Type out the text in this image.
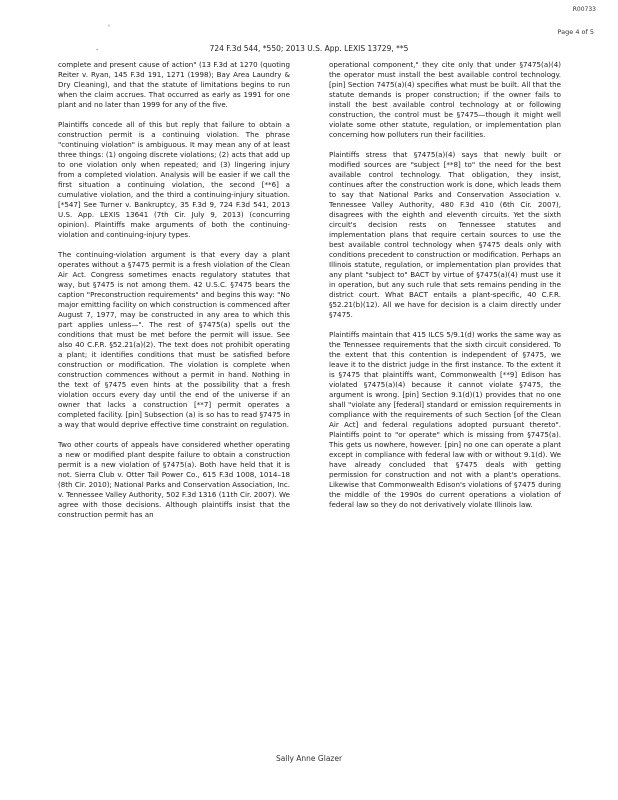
R00733
'
-
Page 4 of 5
724 F.3d 544, *550; 2013 U.S. App. LEXIS 13729, **5

complete and present cause of action" (13 F.3d at 1270 (quoting Reiter v. Ryan, 145 F.3d 191, 1271 (1998); Bay Area Laundry & Dry Cleaning), and that the statute of limitations begins to run when the claim accrues. That occurred as early as 1991 for one plant and no later than 1999 for any of the five.

Plaintiffs concede all of this but reply that failure to obtain a construction permit is a continuing violation. The phrase "continuing violation" is ambiguous. It may mean any of at least three things: (1) ongoing discrete violations; (2) acts that add up to one violation only when repeated; and (3) lingering injury from a completed violation. Analysis will be easier if we call the first situation a continuing violation, the second [**6] a cumulative violation, and the third a continuing-injury situation. [*547] See Turner v. Bankruptcy, 35 F.3d 9, 724 F.3d 541, 2013 U.S. App. LEXIS 13641 (7th Cir. July 9, 2013) (concurring opinion). Plaintiffs make arguments of both the continuing-violation and continuing-injury types.

The continuing-violation argument is that every day a plant operates without a §7475 permit is a fresh violation of the Clean Air Act. Congress sometimes enacts regulatory statutes that way, but §7475 is not among them. 42 U.S.C. §7475 bears the caption "Preconstruction requirements" and begins this way: "No major emitting facility on which construction is commenced after August 7, 1977, may be constructed in any area to which this part applies unless—". The rest of §7475(a) spells out the conditions that must be met before the permit will issue. See also 40 C.F.R. §52.21(a)(2). The text does not prohibit operating a plant; it identifies conditions that must be satisfied before construction or modification. The violation is complete when construction commences without a permit in hand. Nothing in the text of §7475 even hints at the possibility that a fresh violation occurs every day until the end of the universe if an owner that lacks a construction [**7] permit operates a completed facility. [pin] Subsection (a) is so has to read §7475 in a way that would deprive effective time constraint on regulation.

Two other courts of appeals have considered whether operating a new or modified plant despite failure to obtain a construction permit is a new violation of §7475(a). Both have held that it is not. Sierra Club v. Otter Tail Power Co., 615 F.3d 1008, 1014–18 (8th Cir. 2010); National Parks and Conservation Association, Inc. v. Tennessee Valley Authority, 502 F.3d 1316 (11th Cir. 2007). We agree with those decisions. Although plaintiffs insist that the construction permit has an

operational component," they cite only that under §7475(a)(4) the operator must install the best available control technology. [pin] Section 7475(a)(4) specifies what must be built. All that the statute demands is proper construction; if the owner fails to install the best available control technology at or following construction, the control must be §7475—though it might well violate some other statute, regulation, or implementation plan concerning how polluters run their facilities.

Plaintiffs stress that §7475(a)(4) says that newly built or modified sources are "subject [**8] to" the need for the best available control technology. That obligation, they insist, continues after the construction work is done, which leads them to say that National Parks and Conservation Association v. Tennessee Valley Authority, 480 F.3d 410 (6th Cir. 2007), disagrees with the eighth and eleventh circuits. Yet the sixth circuit's decision rests on Tennessee statutes and implementation plans that require certain sources to use the best available control technology when §7475 deals only with conditions precedent to construction or modification. Perhaps an Illinois statute, regulation, or implementation plan provides that any plant "subject to" BACT by virtue of §7475(a)(4) must use it in operation, but any such rule that sets remains pending in the district court. What BACT entails a plant-specific, 40 C.F.R. §52.21(b)(12). All we have for decision is a claim directly under §7475.

Plaintiffs maintain that 415 ILCS 5/9.1(d) works the same way as the Tennessee requirements that the sixth circuit considered. To the extent that this contention is independent of §7475, we leave it to the district judge in the first instance. To the extent it is §7475 that plaintiffs want, Commonwealth [**9] Edison has violated §7475(a)(4) because it cannot violate §7475, the argument is wrong. [pin] Section 9.1(d)(1) provides that no one shall "violate any [federal] standard or emission requirements in compliance with the requirements of such Section [of the Clean Air Act] and federal regulations adopted pursuant thereto". Plaintiffs point to "or operate" which is missing from §7475(a). This gets us nowhere, however. [pin] no one can operate a plant except in compliance with federal law with or without 9.1(d). We have already concluded that §7475 deals with getting permission for construction and not with a plant's operations. Likewise that Commonwealth Edison's violations of §7475 during the middle of the 1990s do current operations a violation of federal law so they do not derivatively violate Illinois law.

Sally Anne Glazer
